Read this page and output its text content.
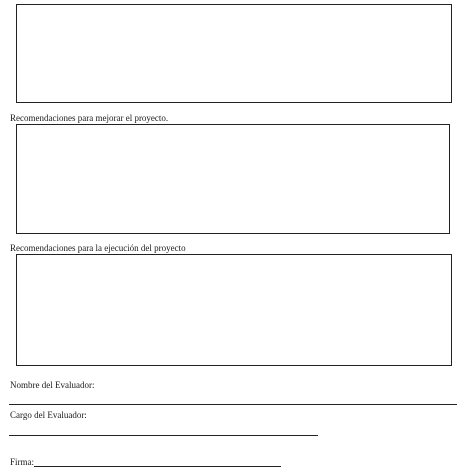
Recomendaciones para mejorar el proyecto.
Recomendaciones para la ejecución del proyecto
Nombre del Evaluador:
Cargo del Evaluador:
Firma:
